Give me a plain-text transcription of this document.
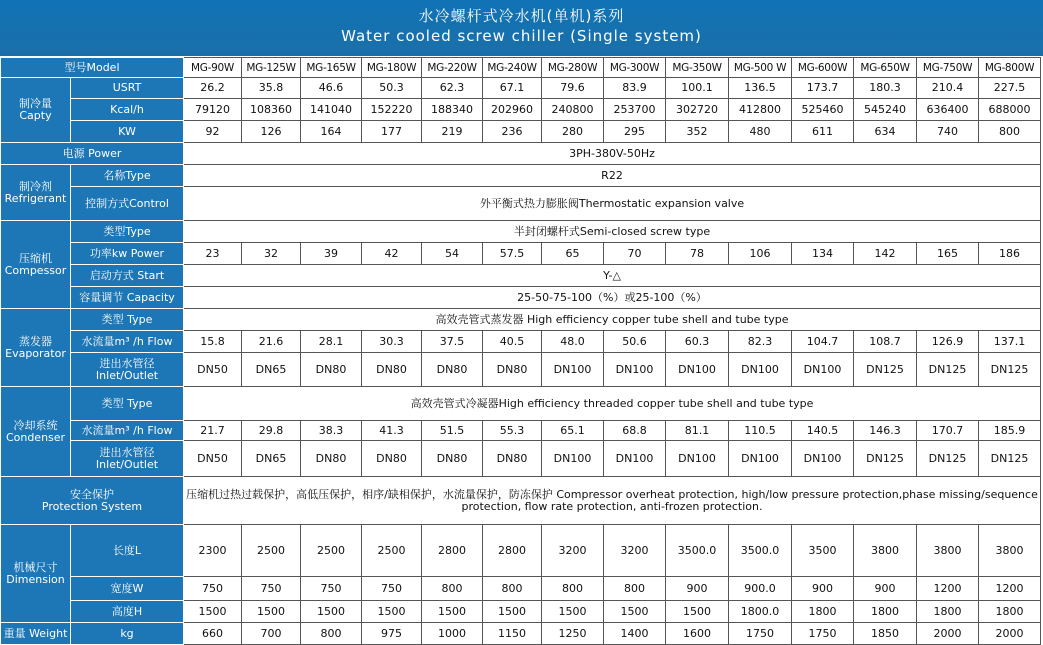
水冷螺杆式冷水机(单机)系列
Water cooled screw chiller (Single system)
型号Model		MG-90W	MG-125W	MG-165W	MG-180W	MG-220W	MG-240W	MG-280W	MG-300W	MG-350W	MG-500 W	MG-600W	MG-650W	MG-750W	MG-800W

制冷量
Capty	USRT	26.2	35.8	46.6	50.3	62.3	67.1	79.6	83.9	100.1	136.5	173.7	180.3	210.4	227.5
	Kcal/h	79120	108360	141040	152220	188340	202960	240800	253700	302720	412800	525460	545240	636400	688000
	KW	92	126	164	177	219	236	280	295	352	480	611	634	740	800
电源 Power		3PH-380V-50Hz													

制冷剂
Refrigerant	名称Type	R22													
	控制方式Control	外平衡式热力膨胀阀Thermostatic expansion valve													

压缩机
Compessor	类型Type	半封闭螺杆式Semi-closed screw type													
	功率kw Power	23	32	39	42	54	57.5	65	70	78	106	134	142	165	186
	启动方式 Start	Y-△													
	容量调节 Capacity	25-50-75-100（%）或25-100（%）													

蒸发器
Evaporator	类型 Type	高效壳管式蒸发器 High efficiency copper tube shell and tube type													
	水流量m³ /h Flow	15.8	21.6	28.1	30.3	37.5	40.5	48.0	50.6	60.3	82.3	104.7	108.7	126.9	137.1

	进出水管径
Inlet/Outlet	DN50	DN65	DN80	DN80	DN80	DN80	DN100	DN100	DN100	DN100	DN100	DN125	DN125	DN125

冷却系统
Condenser	类型 Type	高效壳管式冷凝器High efficiency threaded copper tube shell and tube type													
	水流量m³ /h Flow	21.7	29.8	38.3	41.3	51.5	55.3	65.1	68.8	81.1	110.5	140.5	146.3	170.7	185.9

	进出水管径
Inlet/Outlet	DN50	DN65	DN80	DN80	DN80	DN80	DN100	DN100	DN100	DN100	DN100	DN125	DN125	DN125

安全保护
Protection System		压缩机过热过载保护，高低压保护，相序/缺相保护，水流量保护，防冻保护 Compressor overheat protection, high/low pressure protection,phase missing/sequence protection, flow rate protection, anti-frozen protection.													

机械尺寸
Dimension	长度L	2300	2500	2500	2500	2800	2800	3200	3200	3500.0	3500.0	3500	3800	3800	3800
	宽度W	750	750	750	750	800	800	800	800	900	900.0	900	900	1200	1200
	高度H	1500	1500	1500	1500	1500	1500	1500	1500	1500	1800.0	1800	1800	1800	1800
重量 Weight	kg	660	700	800	975	1000	1150	1250	1400	1600	1750	1750	1850	2000	2000
